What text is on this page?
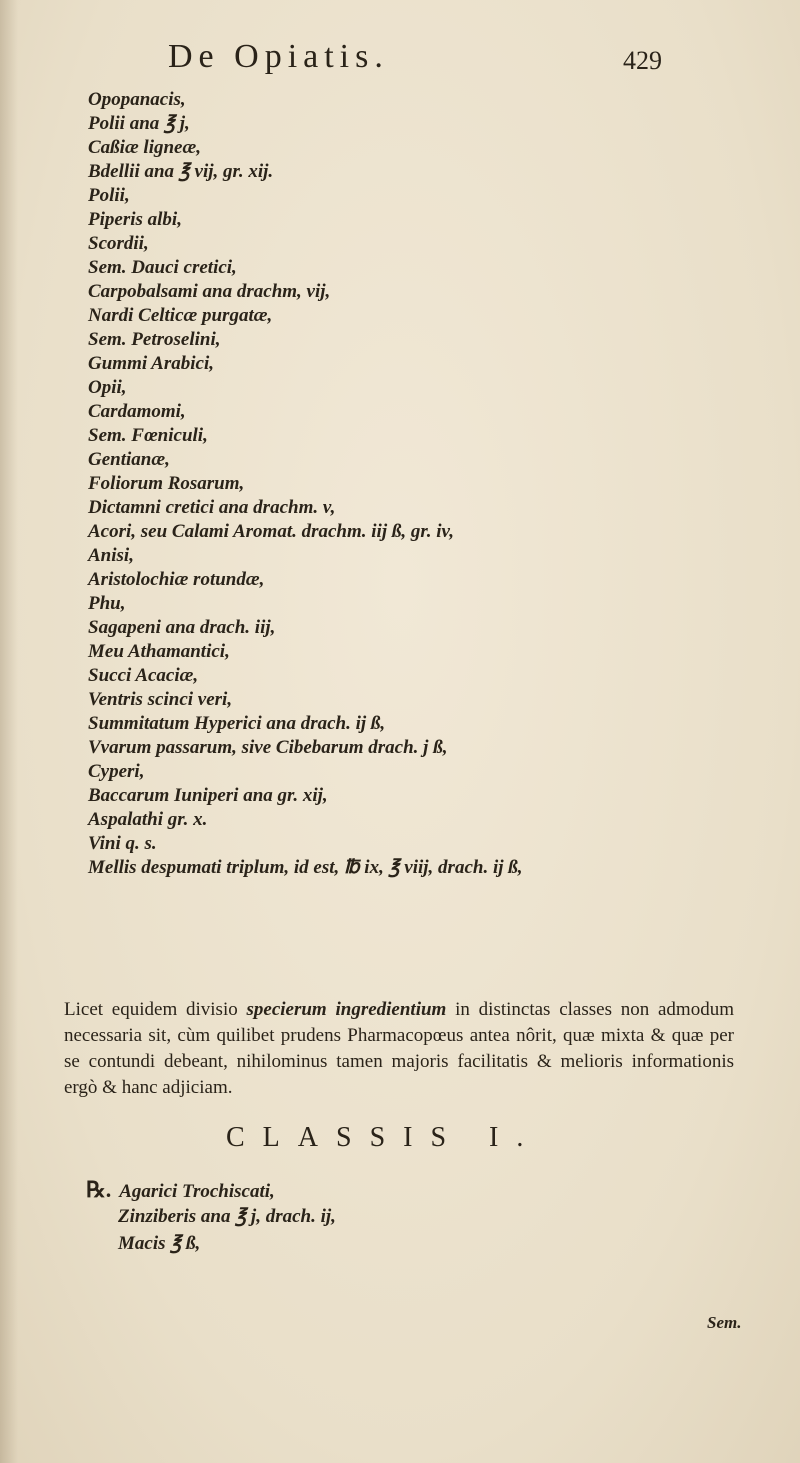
De Opiatis.	429
Opopanacis,
Polii ana ℥ j,
Caßiæ ligneæ,
Bdellii ana ℥ vij, gr. xij.
Polii,
Piperis albi,
Scordii,
Sem. Dauci cretici,
Carpobalsami ana drachm, vij,
Nardi Celticæ purgatæ,
Sem. Petroselini,
Gummi Arabici,
Opii,
Cardamomi,
Sem. Fœniculi,
Gentianæ,
Foliorum Rosarum,
Dictamni cretici ana drachm. v,
Acori, seu Calami Aromat. drachm. iij ß, gr. iv,
Anisi,
Aristolochiæ rotundæ,
Phu,
Sagapeni ana drach. iij,
Meu Athamantici,
Succi Acaciæ,
Ventris scinci veri,
Summitatum Hyperici ana drach. ij ß,
Vvarum passarum, sive Cibebarum drach. j ß,
Cyperi,
Baccarum Iuniperi ana gr. xij,
Aspalathi gr. x.
Vini q. s.
Mellis despumati triplum, id est, ℔ ix, ℥ viij, drach. ij ß,

Licet equidem divisio specierum ingredientium in distinctas classes non admodum necessaria sit, cùm quilibet prudens Pharmacopœus antea nôrit, quæ mixta & quæ per se contundi debeant, nihilominus tamen majoris facilitatis & melioris informationis ergò & hanc adjiciam.

CLASSIS I.
℞. Agarici Trochiscati,
Zinziberis ana ℥ j, drach. ij,
Macis ℥ ß,
Sem.
